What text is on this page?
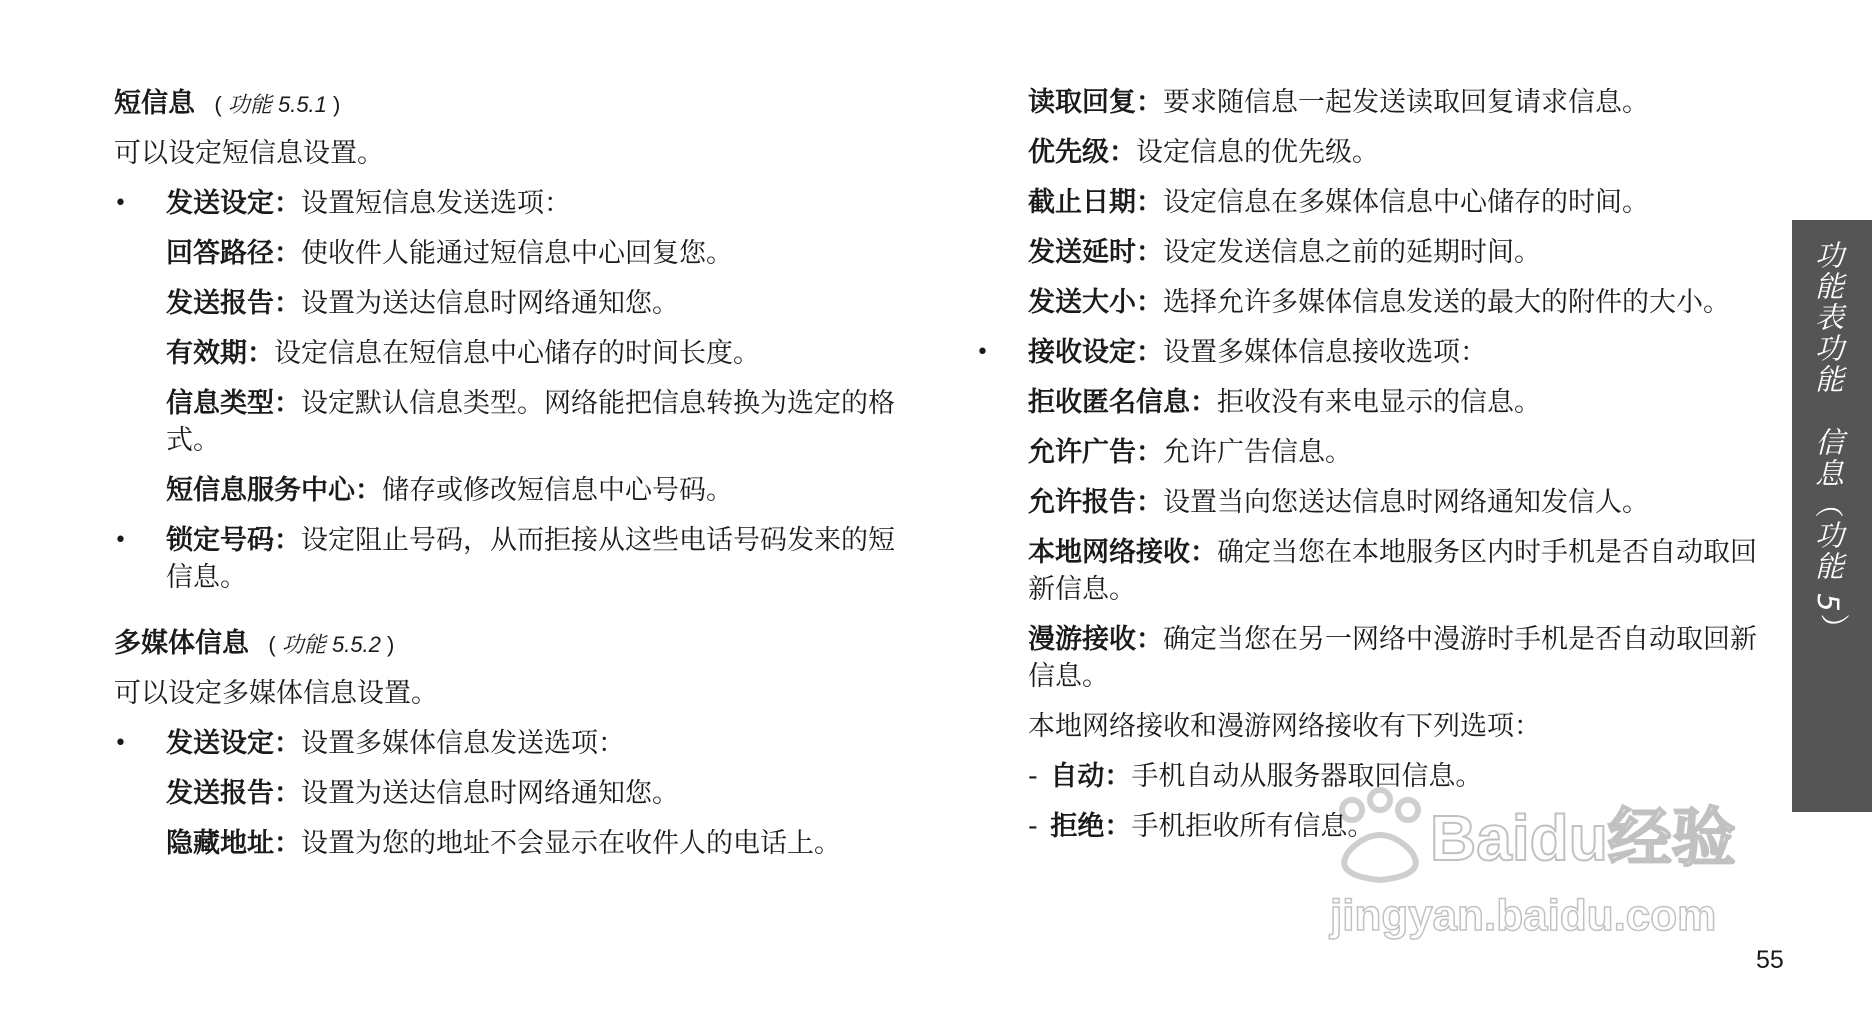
短信息 ( 功能 5.5.1 )

可以设定短信息设置。

• 发送设定：设置短信息发送选项：

回答路径：使收件人能通过短信息中心回复您。

发送报告：设置为送达信息时网络通知您。

有效期：设定信息在短信息中心储存的时间长度。

信息类型：设定默认信息类型。网络能把信息转换为选定的格式。

短信息服务中心：储存或修改短信息中心号码。

• 锁定号码：设定阻止号码，从而拒接从这些电话号码发来的短信息。

多媒体信息 ( 功能 5.5.2 )

可以设定多媒体信息设置。

• 发送设定：设置多媒体信息发送选项：

发送报告：设置为送达信息时网络通知您。

隐藏地址：设置为您的地址不会显示在收件人的电话上。

读取回复：要求随信息一起发送读取回复请求信息。

优先级：设定信息的优先级。

截止日期：设定信息在多媒体信息中心储存的时间。

发送延时：设定发送信息之前的延期时间。

发送大小：选择允许多媒体信息发送的最大的附件的大小。

• 接收设定：设置多媒体信息接收选项：

拒收匿名信息：拒收没有来电显示的信息。

允许广告：允许广告信息。

允许报告：设置当向您送达信息时网络通知发信人。

本地网络接收：确定当您在本地服务区内时手机是否自动取回新信息。

漫游接收：确定当您在另一网络中漫游时手机是否自动取回新信息。

本地网络接收和漫游网络接收有下列选项：

- 自动：手机自动从服务器取回信息。

- 拒绝：手机拒收所有信息。

功能表功能信息（功能 5）
Baidu经验
jingyan.baidu.com
55
